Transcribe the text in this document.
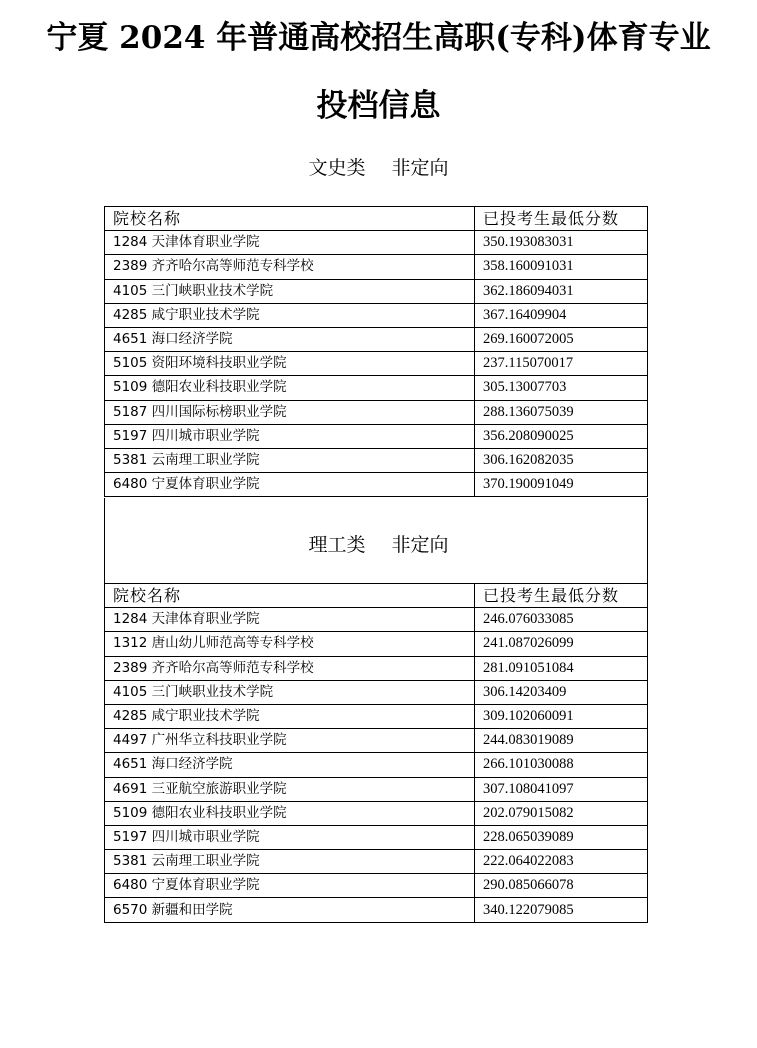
宁夏 2024 年普通高校招生高职(专科)体育专业
投档信息
文史类 非定向
院校名称	已投考生最低分数
1284 天津体育职业学院	350.193083031
2389 齐齐哈尔高等师范专科学校	358.160091031
4105 三门峡职业技术学院	362.186094031
4285 咸宁职业技术学院	367.16409904
4651 海口经济学院	269.160072005
5105 资阳环境科技职业学院	237.115070017
5109 德阳农业科技职业学院	305.13007703
5187 四川国际标榜职业学院	288.136075039
5197 四川城市职业学院	356.208090025
5381 云南理工职业学院	306.162082035
6480 宁夏体育职业学院	370.190091049
理工类 非定向
院校名称	已投考生最低分数
1284 天津体育职业学院	246.076033085
1312 唐山幼儿师范高等专科学校	241.087026099
2389 齐齐哈尔高等师范专科学校	281.091051084
4105 三门峡职业技术学院	306.14203409
4285 咸宁职业技术学院	309.102060091
4497 广州华立科技职业学院	244.083019089
4651 海口经济学院	266.101030088
4691 三亚航空旅游职业学院	307.108041097
5109 德阳农业科技职业学院	202.079015082
5197 四川城市职业学院	228.065039089
5381 云南理工职业学院	222.064022083
6480 宁夏体育职业学院	290.085066078
6570 新疆和田学院	340.122079085
